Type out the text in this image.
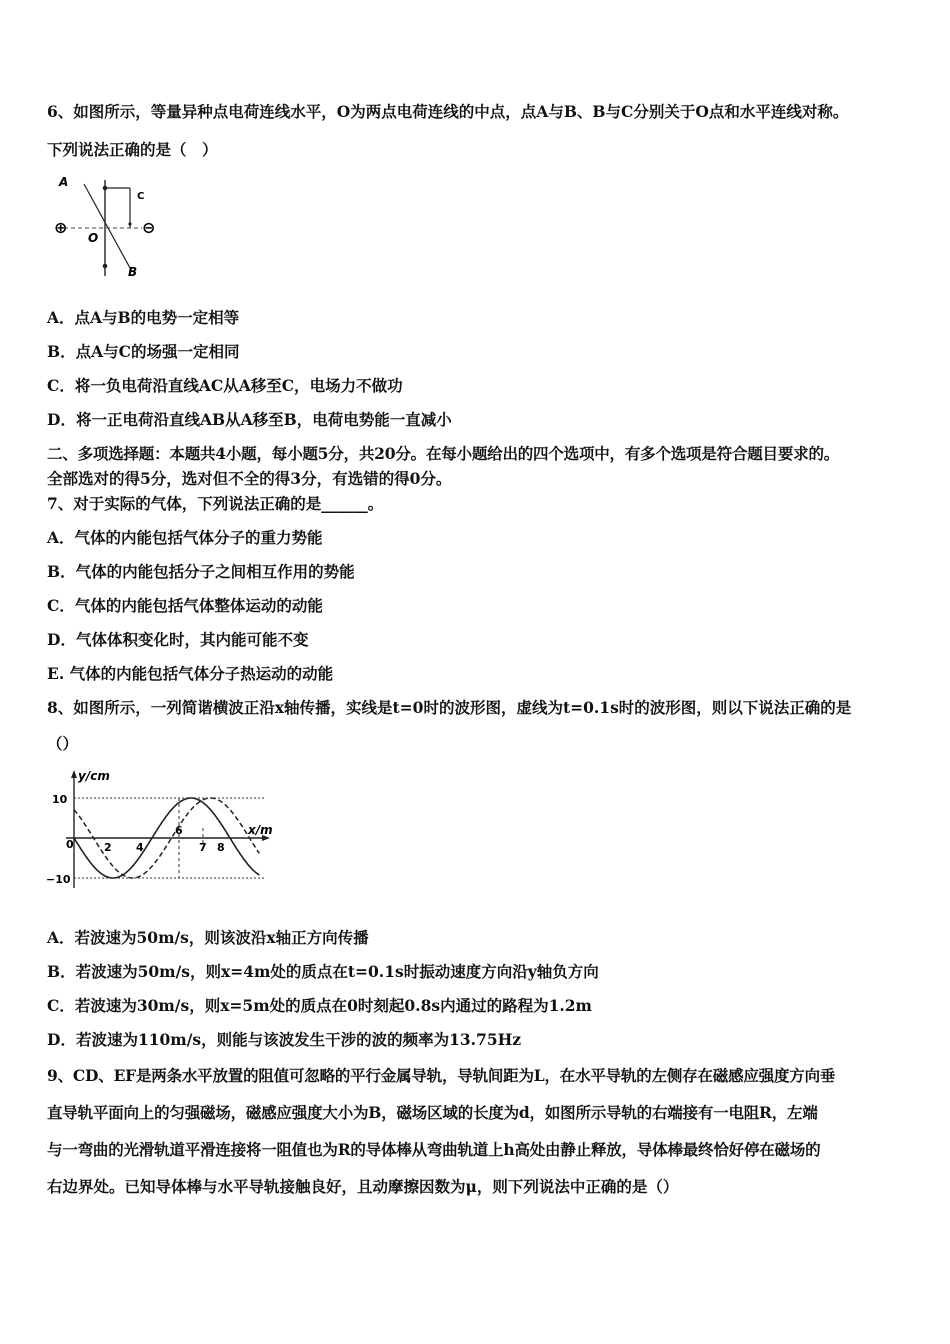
6、如图所示，等量异种点电荷连线水平，O为两点电荷连线的中点，点A与B、B与C分别关于O点和水平连线对称。
下列说法正确的是（　）
⊕	⊖
A
C
O
B
A．点A与B的电势一定相等
B．点A与C的场强一定相同
C．将一负电荷沿直线AC从A移至C，电场力不做功
D．将一正电荷沿直线AB从A移至B，电荷电势能一直减小
二、多项选择题：本题共4小题，每小题5分，共20分。在每小题给出的四个选项中，有多个选项是符合题目要求的。
全部选对的得5分，选对但不全的得3分，有选错的得0分。
7、对于实际的气体，下列说法正确的是______。
A．气体的内能包括气体分子的重力势能
B．气体的内能包括分子之间相互作用的势能
C．气体的内能包括气体整体运动的动能
D．气体体积变化时，其内能可能不变
E. 气体的内能包括气体分子热运动的动能
8、如图所示，一列简谐横波正沿x轴传播，实线是t=0时的波形图，虚线为t=0.1s时的波形图，则以下说法正确的是
（）
y/cm
x/m
10
−10
0	2 4
6
7 8
A．若波速为50m/s，则该波沿x轴正方向传播
B．若波速为50m/s，则x=4m处的质点在t=0.1s时振动速度方向沿y轴负方向
C．若波速为30m/s，则x=5m处的质点在0时刻起0.8s内通过的路程为1.2m
D．若波速为110m/s，则能与该波发生干涉的波的频率为13.75Hz
9、CD、EF是两条水平放置的阻值可忽略的平行金属导轨，导轨间距为L，在水平导轨的左侧存在磁感应强度方向垂
直导轨平面向上的匀强磁场，磁感应强度大小为B，磁场区域的长度为d，如图所示导轨的右端接有一电阻R，左端
与一弯曲的光滑轨道平滑连接将一阻值也为R的导体棒从弯曲轨道上h高处由静止释放，导体棒最终恰好停在磁场的
右边界处。已知导体棒与水平导轨接触良好，且动摩擦因数为μ，则下列说法中正确的是（）
